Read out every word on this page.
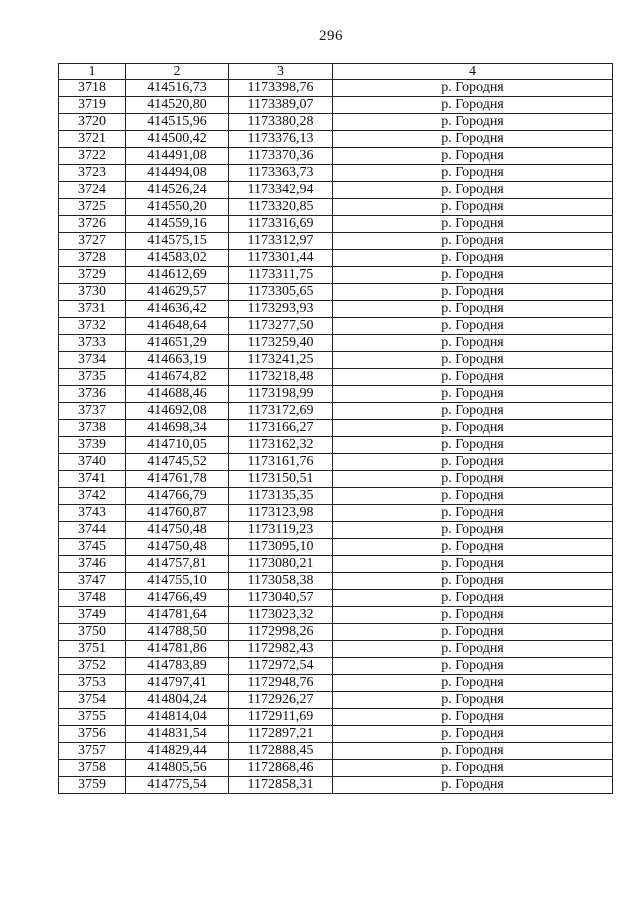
296
1	2	3	4
3718	414516,73	1173398,76	р. Городня
3719	414520,80	1173389,07	р. Городня
3720	414515,96	1173380,28	р. Городня
3721	414500,42	1173376,13	р. Городня
3722	414491,08	1173370,36	р. Городня
3723	414494,08	1173363,73	р. Городня
3724	414526,24	1173342,94	р. Городня
3725	414550,20	1173320,85	р. Городня
3726	414559,16	1173316,69	р. Городня
3727	414575,15	1173312,97	р. Городня
3728	414583,02	1173301,44	р. Городня
3729	414612,69	1173311,75	р. Городня
3730	414629,57	1173305,65	р. Городня
3731	414636,42	1173293,93	р. Городня
3732	414648,64	1173277,50	р. Городня
3733	414651,29	1173259,40	р. Городня
3734	414663,19	1173241,25	р. Городня
3735	414674,82	1173218,48	р. Городня
3736	414688,46	1173198,99	р. Городня
3737	414692,08	1173172,69	р. Городня
3738	414698,34	1173166,27	р. Городня
3739	414710,05	1173162,32	р. Городня
3740	414745,52	1173161,76	р. Городня
3741	414761,78	1173150,51	р. Городня
3742	414766,79	1173135,35	р. Городня
3743	414760,87	1173123,98	р. Городня
3744	414750,48	1173119,23	р. Городня
3745	414750,48	1173095,10	р. Городня
3746	414757,81	1173080,21	р. Городня
3747	414755,10	1173058,38	р. Городня
3748	414766,49	1173040,57	р. Городня
3749	414781,64	1173023,32	р. Городня
3750	414788,50	1172998,26	р. Городня
3751	414781,86	1172982,43	р. Городня
3752	414783,89	1172972,54	р. Городня
3753	414797,41	1172948,76	р. Городня
3754	414804,24	1172926,27	р. Городня
3755	414814,04	1172911,69	р. Городня
3756	414831,54	1172897,21	р. Городня
3757	414829,44	1172888,45	р. Городня
3758	414805,56	1172868,46	р. Городня
3759	414775,54	1172858,31	р. Городня
